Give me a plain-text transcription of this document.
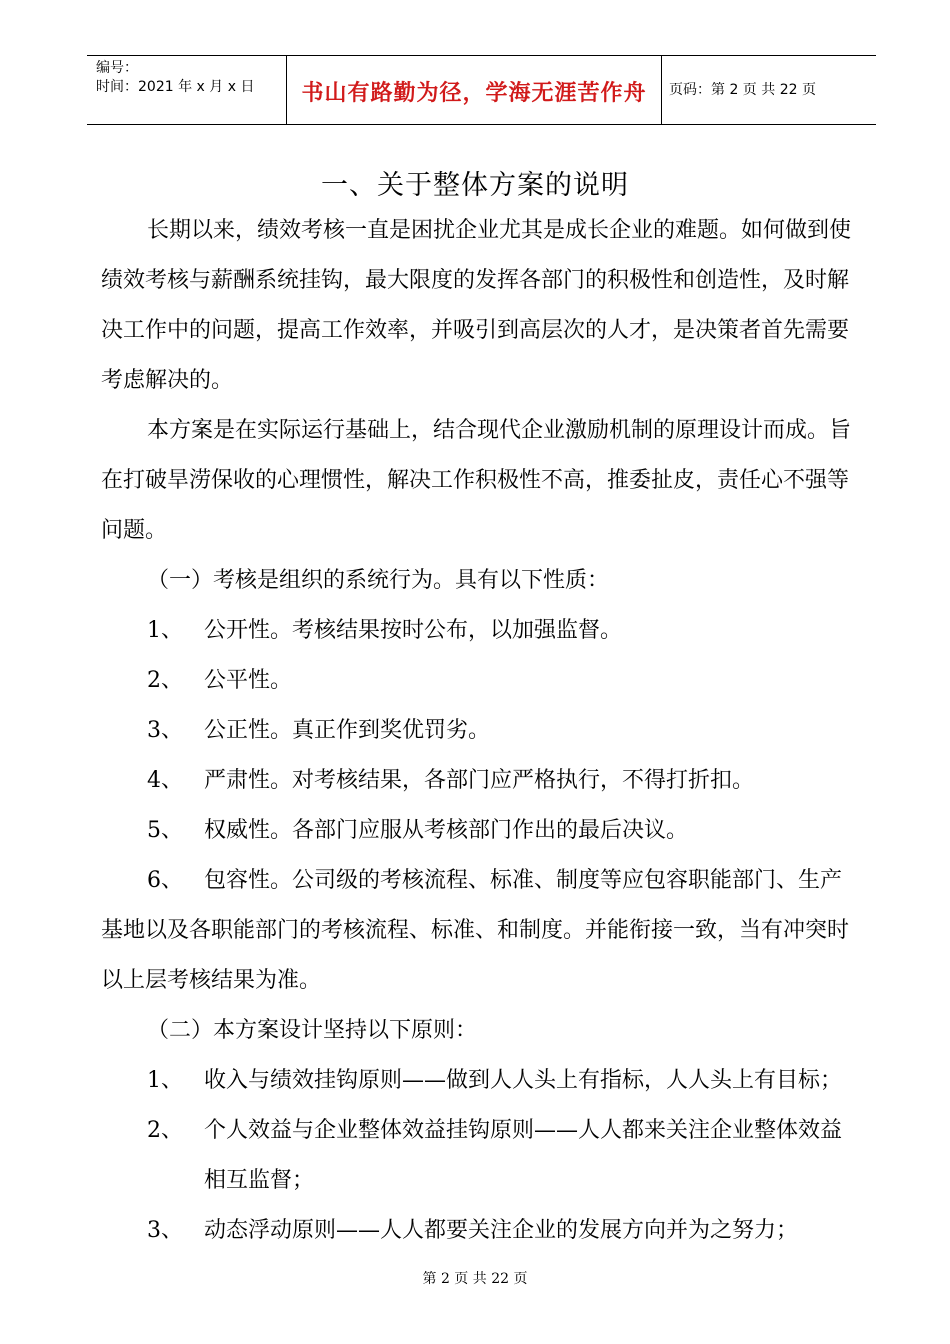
编号：
时间：2021 年 x 月 x 日	书山有路勤为径，学海无涯苦作舟	页码：第 2 页 共 22 页
一、关于整体方案的说明
长期以来，绩效考核一直是困扰企业尤其是成长企业的难题。如何做到使
绩效考核与薪酬系统挂钩，最大限度的发挥各部门的积极性和创造性，及时解
决工作中的问题，提高工作效率，并吸引到高层次的人才，是决策者首先需要
考虑解决的。
本方案是在实际运行基础上，结合现代企业激励机制的原理设计而成。旨
在打破旱涝保收的心理惯性，解决工作积极性不高，推委扯皮，责任心不强等
问题。
（一）考核是组织的系统行为。具有以下性质：
1、 公开性。考核结果按时公布，以加强监督。
2、 公平性。
3、 公正性。真正作到奖优罚劣。
4、 严肃性。对考核结果，各部门应严格执行，不得打折扣。
5、 权威性。各部门应服从考核部门作出的最后决议。
6、 包容性。公司级的考核流程、标准、制度等应包容职能部门、生产
基地以及各职能部门的考核流程、标准、和制度。并能衔接一致，当有冲突时
以上层考核结果为准。
（二）本方案设计坚持以下原则：
1、 收入与绩效挂钩原则——做到人人头上有指标，人人头上有目标；
2、 个人效益与企业整体效益挂钩原则——人人都来关注企业整体效益
相互监督；
3、 动态浮动原则——人人都要关注企业的发展方向并为之努力；
第 2 页 共 22 页
